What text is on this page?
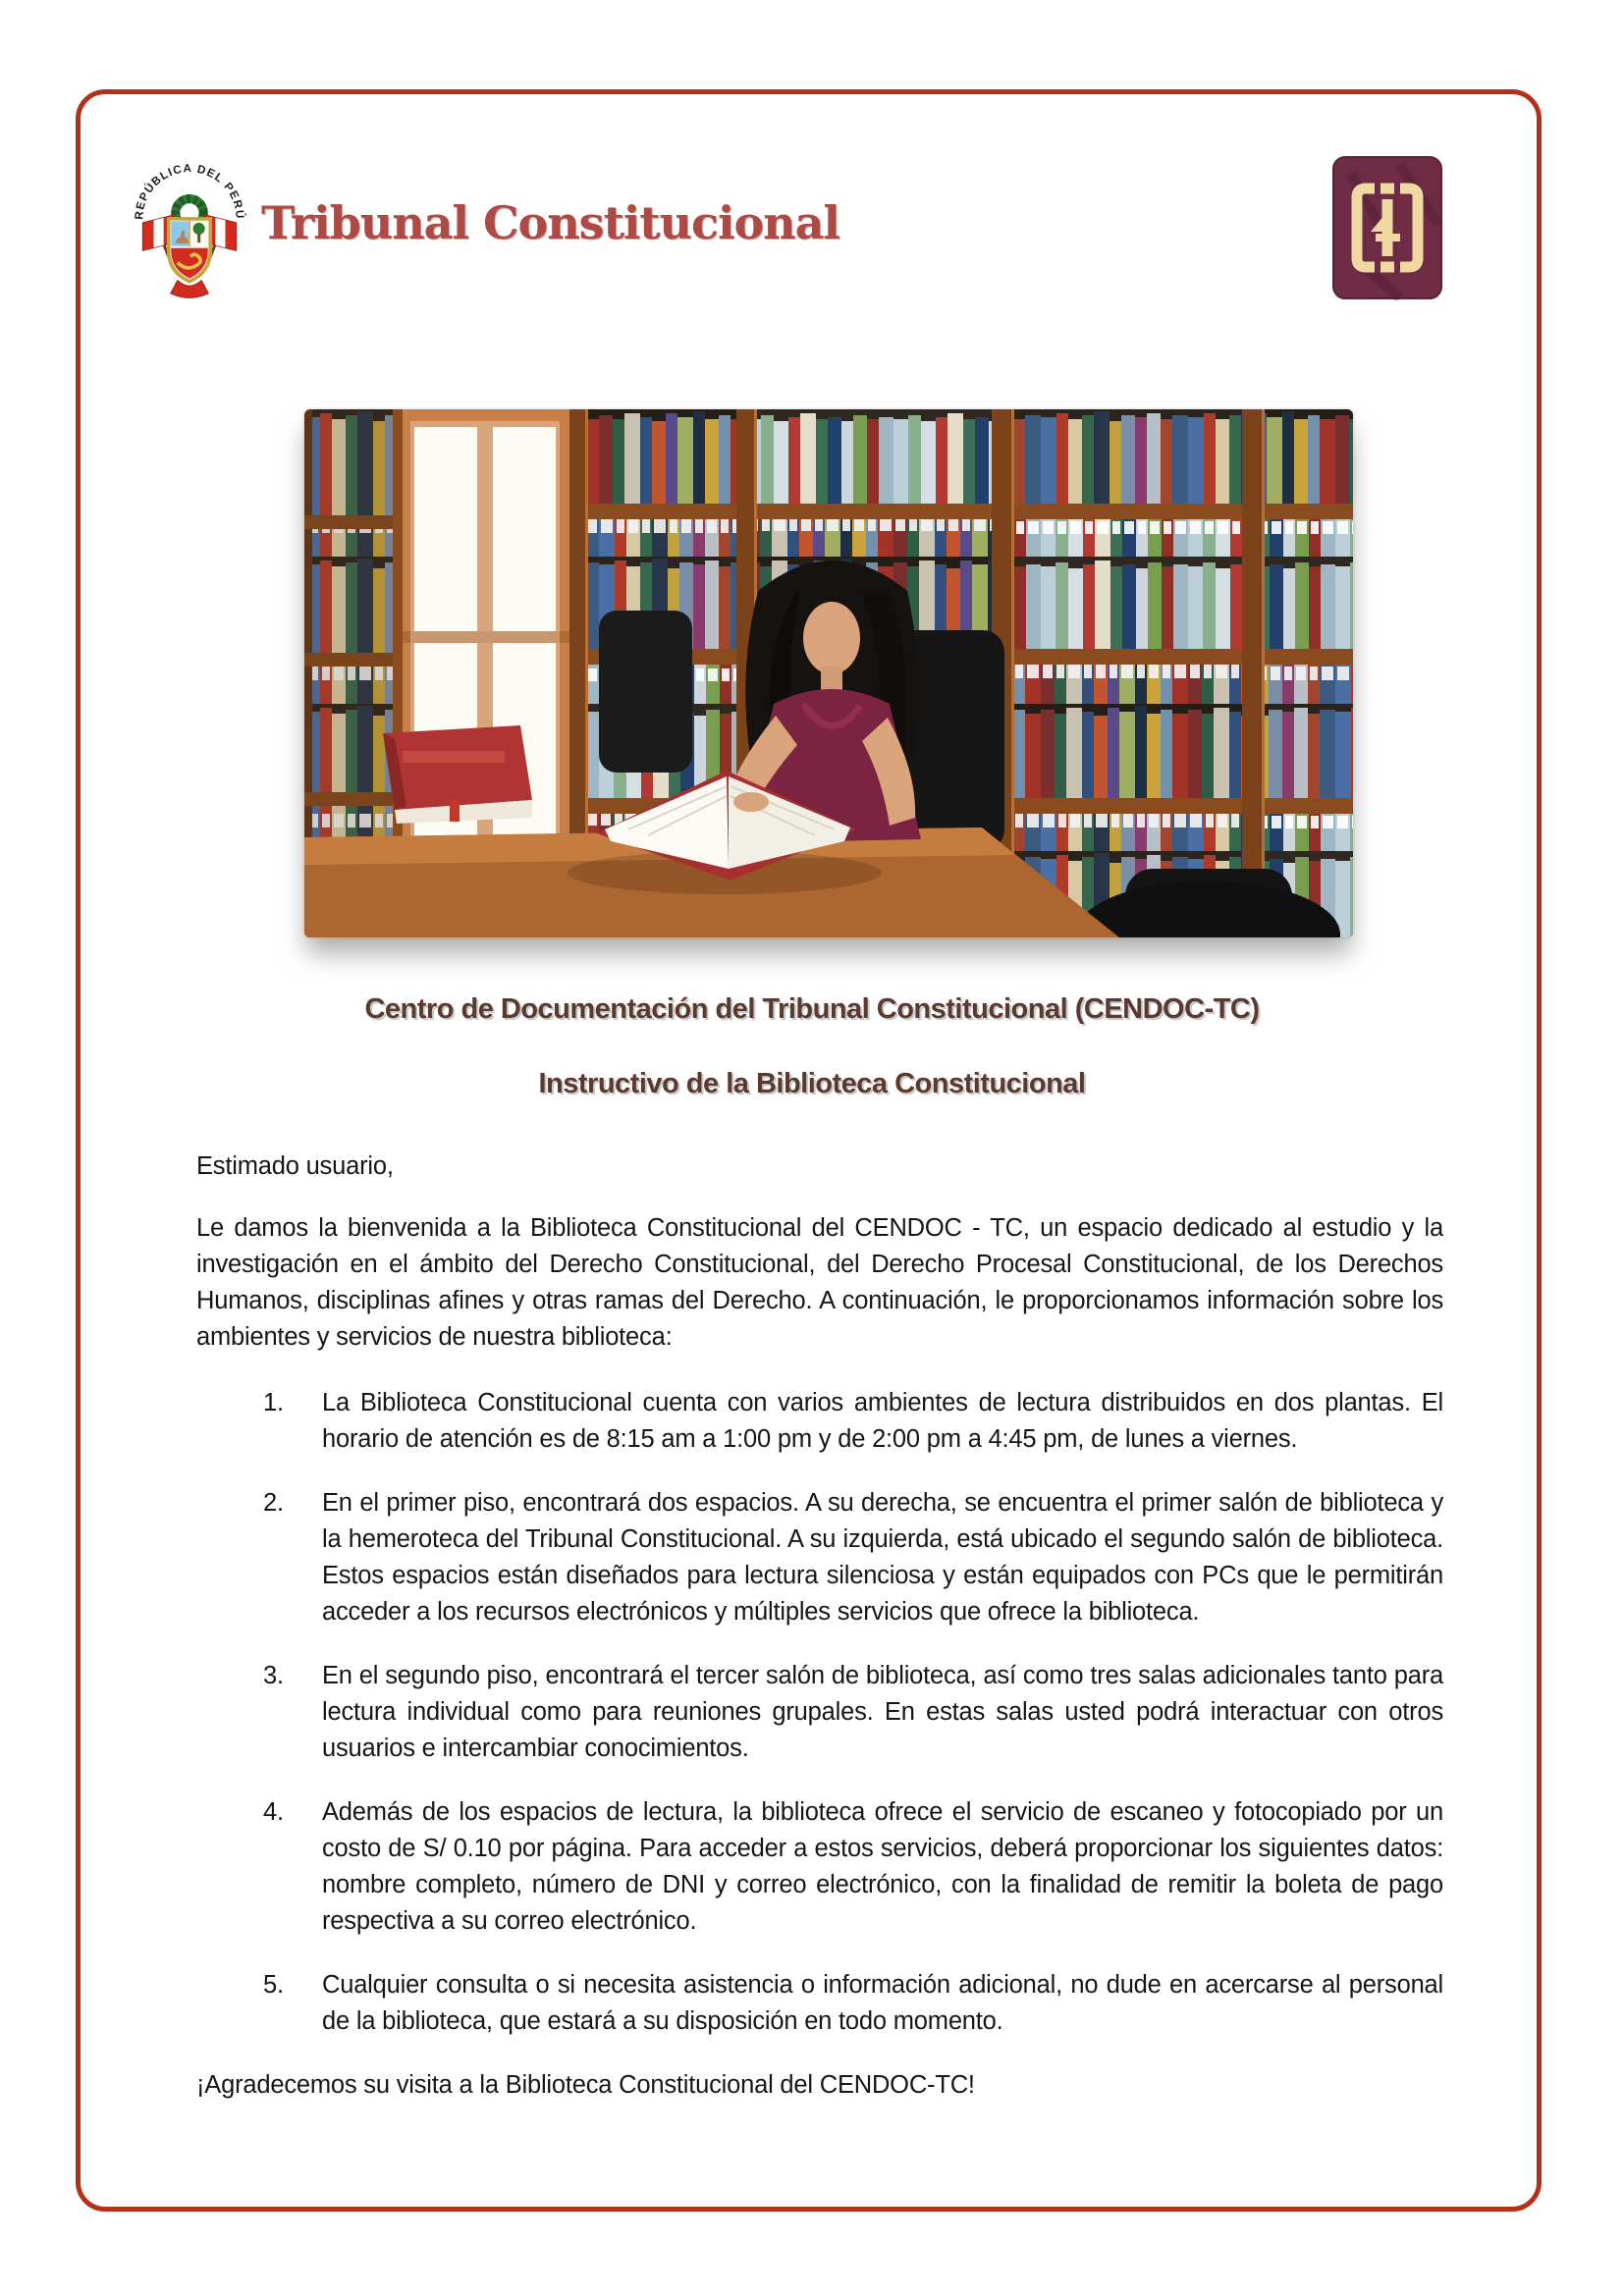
REPÚBLICA DEL PERÚ Tribunal Constitucional
Centro de Documentación del Tribunal Constitucional (CENDOC-TC)
Instructivo de la Biblioteca Constitucional

Estimado usuario,

Le damos la bienvenida a la Biblioteca Constitucional del CENDOC - TC, un espacio dedicado al estudio y la investigación en el ámbito del Derecho Constitucional, del Derecho Procesal Constitucional, de los Derechos Humanos, disciplinas afines y otras ramas del Derecho. A continuación, le proporcionamos información sobre los ambientes y servicios de nuestra biblioteca:

1.	La Biblioteca Constitucional cuenta con varios ambientes de lectura distribuidos en dos plantas. El horario de atención es de 8:15 am a 1:00 pm y de 2:00 pm a 4:45 pm, de lunes a viernes.
2.	En el primer piso, encontrará dos espacios. A su derecha, se encuentra el primer salón de biblioteca y la hemeroteca del Tribunal Constitucional. A su izquierda, está ubicado el segundo salón de biblioteca. Estos espacios están diseñados para lectura silenciosa y están equipados con PCs que le permitirán acceder a los recursos electrónicos y múltiples servicios que ofrece la biblioteca.
3.	En el segundo piso, encontrará el tercer salón de biblioteca, así como tres salas adicionales tanto para lectura individual como para reuniones grupales. En estas salas usted podrá interactuar con otros usuarios e intercambiar conocimientos.
4.	Además de los espacios de lectura, la biblioteca ofrece el servicio de escaneo y fotocopiado por un costo de S/ 0.10 por página. Para acceder a estos servicios, deberá proporcionar los siguientes datos: nombre completo, número de DNI y correo electrónico, con la finalidad de remitir la boleta de pago respectiva a su correo electrónico.
5.	Cualquier consulta o si necesita asistencia o información adicional, no dude en acercarse al personal de la biblioteca, que estará a su disposición en todo momento.

¡Agradecemos su visita a la Biblioteca Constitucional del CENDOC-TC!
